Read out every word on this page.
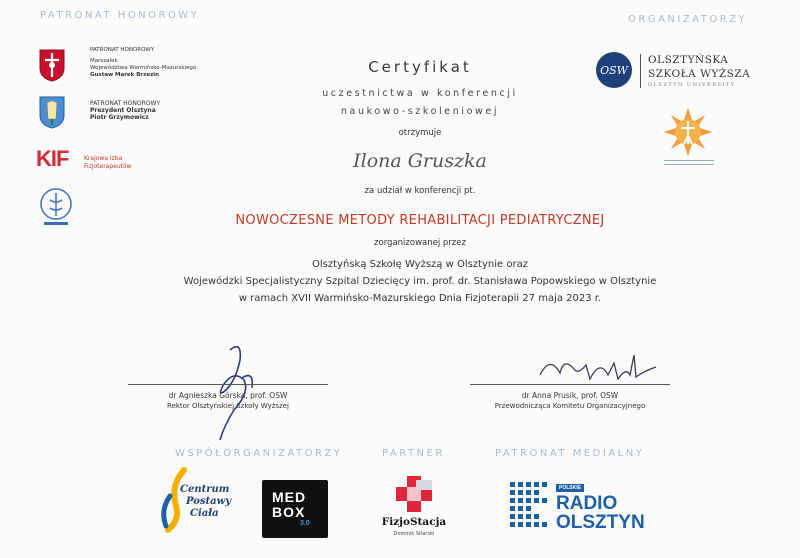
PATRONAT HONOROWY	ORGANIZATORZY
PATRONAT HONOROWY
Marszałek
Województwa Warmińsko-Mazurskiego
Gustaw Marek Brzezin
PATRONAT HONOROWY
Prezydent Olsztyna
Piotr Grzymowicz
KIF	Krajowa Izba
Fizjoterapeutów
OSW
OLSZTYŃSKA
SZKOŁA WYŻSZA
OLSZTYN UNIVERSITY
Certyfikat
uczestnictwa w konferencji
naukowo-szkoleniowej
otrzymuje
Ilona Gruszka
za udział w konferencji pt.
NOWOCZESNE METODY REHABILITACJI PEDIATRYCZNEJ
zorganizowanej przez
Olsztyńską Szkołę Wyższą w Olsztynie oraz
Wojewódzki Specjalistyczny Szpital Dziecięcy im. prof. dr. Stanisława Popowskiego w Olsztynie
w ramach XVII Warmińsko-Mazurskiego Dnia Fizjoterapii 27 maja 2023 r.
dr Agnieszka Górska, prof. OSW
Rektor Olsztyńskiej Szkoły Wyższej
dr Anna Prusik, prof. OSW
Przewodnicząca Komitetu Organizacyjnego
WSPÓŁORGANIZATORZY	PARTNER	PATRONAT MEDIALNY
Centrum
Postawy
Ciała
MED
BOX
3.0	FizjoStacja
Dominik Sitarski
POLSKIE
RADIO
OLSZTYN
